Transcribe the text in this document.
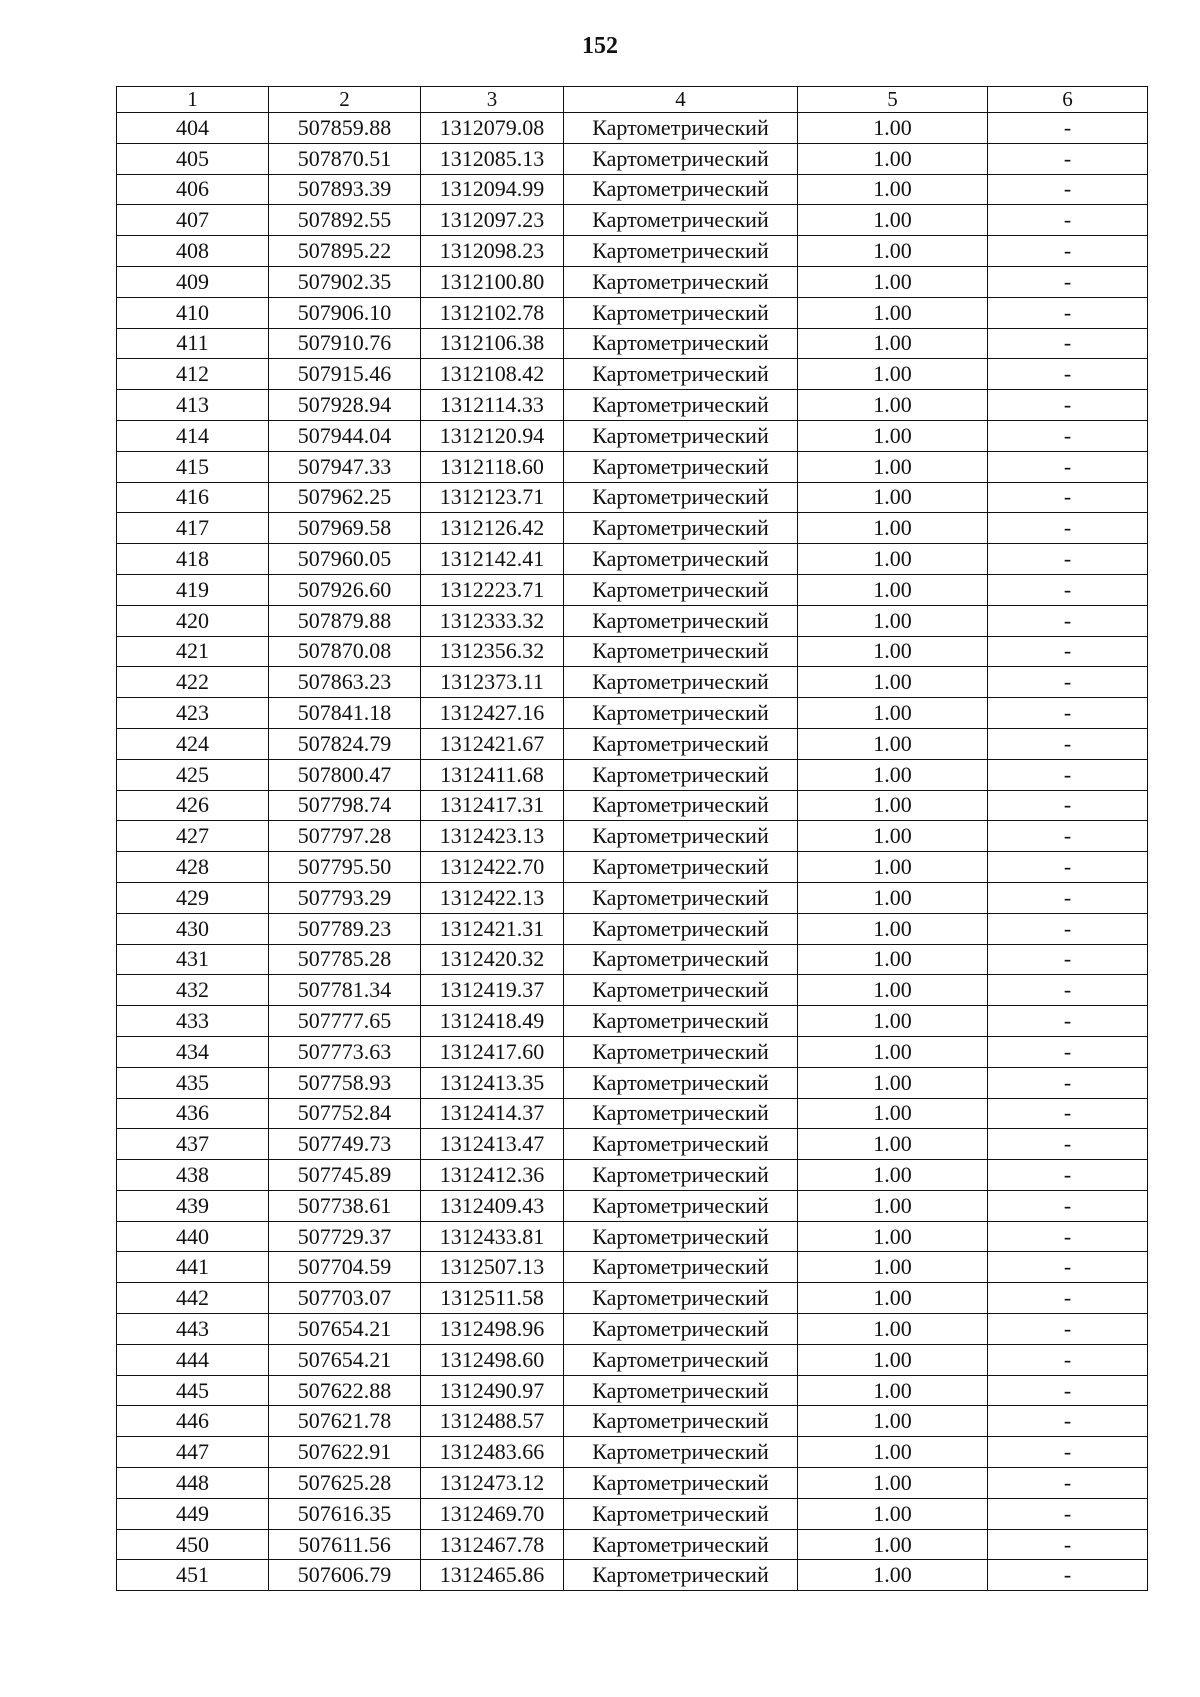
152
1	2	3	4	5	6
404	507859.88	1312079.08	Картометрический	1.00	-
405	507870.51	1312085.13	Картометрический	1.00	-
406	507893.39	1312094.99	Картометрический	1.00	-
407	507892.55	1312097.23	Картометрический	1.00	-
408	507895.22	1312098.23	Картометрический	1.00	-
409	507902.35	1312100.80	Картометрический	1.00	-
410	507906.10	1312102.78	Картометрический	1.00	-
411	507910.76	1312106.38	Картометрический	1.00	-
412	507915.46	1312108.42	Картометрический	1.00	-
413	507928.94	1312114.33	Картометрический	1.00	-
414	507944.04	1312120.94	Картометрический	1.00	-
415	507947.33	1312118.60	Картометрический	1.00	-
416	507962.25	1312123.71	Картометрический	1.00	-
417	507969.58	1312126.42	Картометрический	1.00	-
418	507960.05	1312142.41	Картометрический	1.00	-
419	507926.60	1312223.71	Картометрический	1.00	-
420	507879.88	1312333.32	Картометрический	1.00	-
421	507870.08	1312356.32	Картометрический	1.00	-
422	507863.23	1312373.11	Картометрический	1.00	-
423	507841.18	1312427.16	Картометрический	1.00	-
424	507824.79	1312421.67	Картометрический	1.00	-
425	507800.47	1312411.68	Картометрический	1.00	-
426	507798.74	1312417.31	Картометрический	1.00	-
427	507797.28	1312423.13	Картометрический	1.00	-
428	507795.50	1312422.70	Картометрический	1.00	-
429	507793.29	1312422.13	Картометрический	1.00	-
430	507789.23	1312421.31	Картометрический	1.00	-
431	507785.28	1312420.32	Картометрический	1.00	-
432	507781.34	1312419.37	Картометрический	1.00	-
433	507777.65	1312418.49	Картометрический	1.00	-
434	507773.63	1312417.60	Картометрический	1.00	-
435	507758.93	1312413.35	Картометрический	1.00	-
436	507752.84	1312414.37	Картометрический	1.00	-
437	507749.73	1312413.47	Картометрический	1.00	-
438	507745.89	1312412.36	Картометрический	1.00	-
439	507738.61	1312409.43	Картометрический	1.00	-
440	507729.37	1312433.81	Картометрический	1.00	-
441	507704.59	1312507.13	Картометрический	1.00	-
442	507703.07	1312511.58	Картометрический	1.00	-
443	507654.21	1312498.96	Картометрический	1.00	-
444	507654.21	1312498.60	Картометрический	1.00	-
445	507622.88	1312490.97	Картометрический	1.00	-
446	507621.78	1312488.57	Картометрический	1.00	-
447	507622.91	1312483.66	Картометрический	1.00	-
448	507625.28	1312473.12	Картометрический	1.00	-
449	507616.35	1312469.70	Картометрический	1.00	-
450	507611.56	1312467.78	Картометрический	1.00	-
451	507606.79	1312465.86	Картометрический	1.00	-
